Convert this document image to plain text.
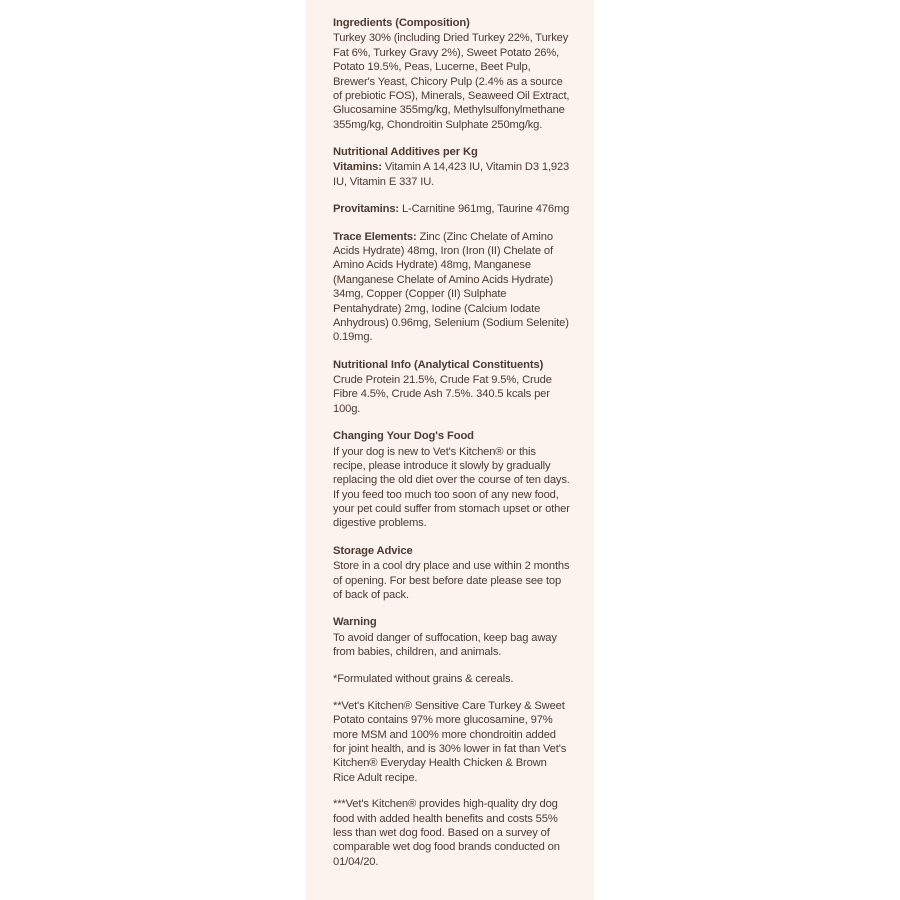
Ingredients (Composition)

Turkey 30% (including Dried Turkey 22%, Turkey Fat 6%, Turkey Gravy 2%), Sweet Potato 26%, Potato 19.5%, Peas, Lucerne, Beet Pulp, Brewer's Yeast, Chicory Pulp (2.4% as a source of prebiotic FOS), Minerals, Seaweed Oil Extract, Glucosamine 355mg/kg, Methylsulfonylmethane 355mg/kg, Chondroitin Sulphate 250mg/kg.

Nutritional Additives per Kg

Vitamins: Vitamin A 14,423 IU, Vitamin D3 1,923 IU, Vitamin E 337 IU.

Provitamins: L-Carnitine 961mg, Taurine 476mg

Trace Elements: Zinc (Zinc Chelate of Amino Acids Hydrate) 48mg, Iron (Iron (II) Chelate of Amino Acids Hydrate) 48mg, Manganese (Manganese Chelate of Amino Acids Hydrate) 34mg, Copper (Copper (II) Sulphate Pentahydrate) 2mg, Iodine (Calcium Iodate Anhydrous) 0.96mg, Selenium (Sodium Selenite) 0.19mg.

Nutritional Info (Analytical Constituents)

Crude Protein 21.5%, Crude Fat 9.5%, Crude Fibre 4.5%, Crude Ash 7.5%. 340.5 kcals per 100g.

Changing Your Dog's Food

If your dog is new to Vet's Kitchen® or this recipe, please introduce it slowly by gradually replacing the old diet over the course of ten days. If you feed too much too soon of any new food, your pet could suffer from stomach upset or other digestive problems.

Storage Advice

Store in a cool dry place and use within 2 months of opening. For best before date please see top of back of pack.

Warning

To avoid danger of suffocation, keep bag away from babies, children, and animals.

*Formulated without grains & cereals.

**Vet's Kitchen® Sensitive Care Turkey & Sweet Potato contains 97% more glucosamine, 97% more MSM and 100% more chondroitin added for joint health, and is 30% lower in fat than Vet's Kitchen® Everyday Health Chicken & Brown Rice Adult recipe.

***Vet's Kitchen® provides high-quality dry dog food with added health benefits and costs 55% less than wet dog food. Based on a survey of comparable wet dog food brands conducted on 01/04/20.
